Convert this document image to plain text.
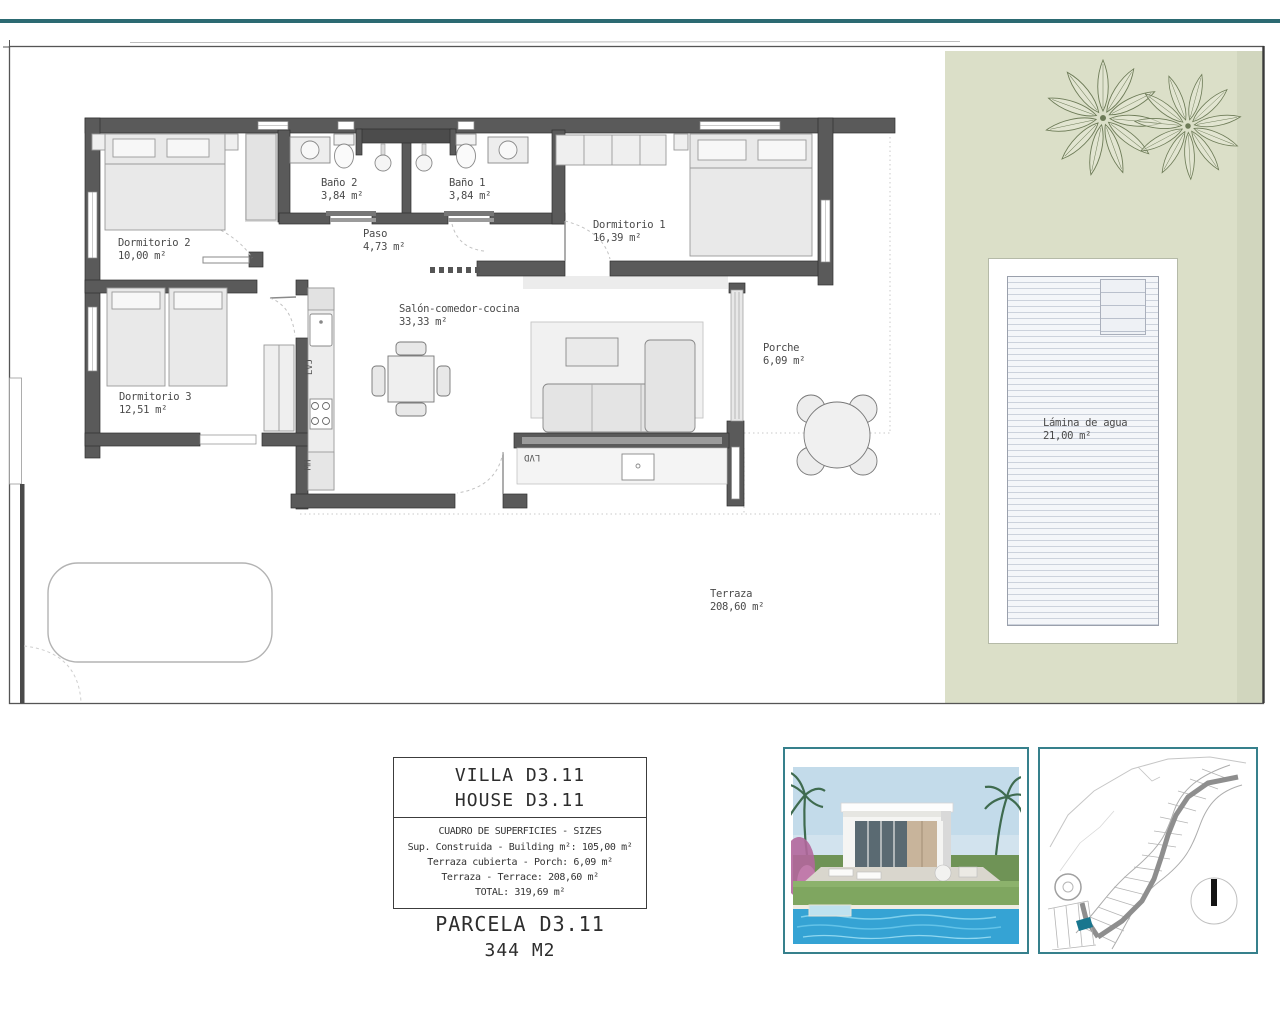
Dormitorio 2
10,00 m²
Baño 2
3,84 m²
Baño 1
3,84 m²
Paso
4,73 m²
Dormitorio 1
16,39 m²
Salón-comedor-cocina
33,33 m²
Dormitorio 3
12,51 m²
Porche
6,09 m²
Terraza
208,60 m²
Lámina de agua
21,00 m²
LVJ
MH
LVD
VILLA D3.11
HOUSE D3.11
CUADRO DE SUPERFICIES - SIZES
Sup. Construida - Building m²: 105,00 m²
Terraza cubierta - Porch: 6,09 m²
Terraza - Terrace: 208,60 m²
TOTAL: 319,69 m²
PARCELA D3.11
344 M2
